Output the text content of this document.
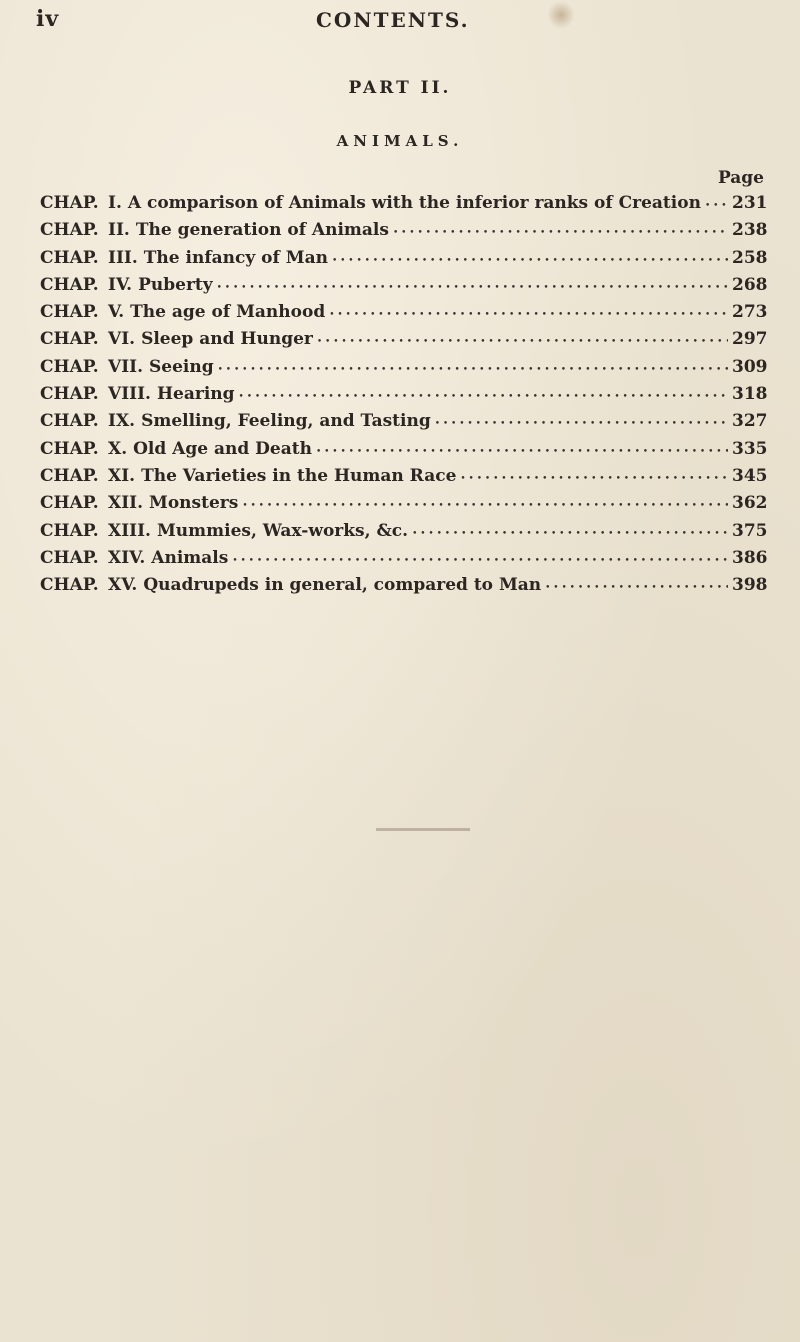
iv	CONTENTS.
PART II.
ANIMALS.
Page
CHAP. I. A comparison of Animals with the inferior ranks of Creation • • • 231
CHAP. II. The generation of Animals • • •	238
CHAP. III. The infancy of Man • • •	258
CHAP. IV. Puberty • • •	268
CHAP. V. The age of Manhood • • •	273
CHAP. VI. Sleep and Hunger • • •	297
CHAP. VII. Seeing • • •	309
CHAP. VIII. Hearing • • •	318
CHAP. IX. Smelling, Feeling, and Tasting • • •	327
CHAP. X. Old Age and Death • • •	335
CHAP. XI. The Varieties in the Human Race • • •	345
CHAP. XII. Monsters • • •	362
CHAP. XIII. Mummies, Wax-works, &c. • • •	375
CHAP. XIV. Animals • • •	386
CHAP. XV. Quadrupeds in general, compared to Man • • •	398
